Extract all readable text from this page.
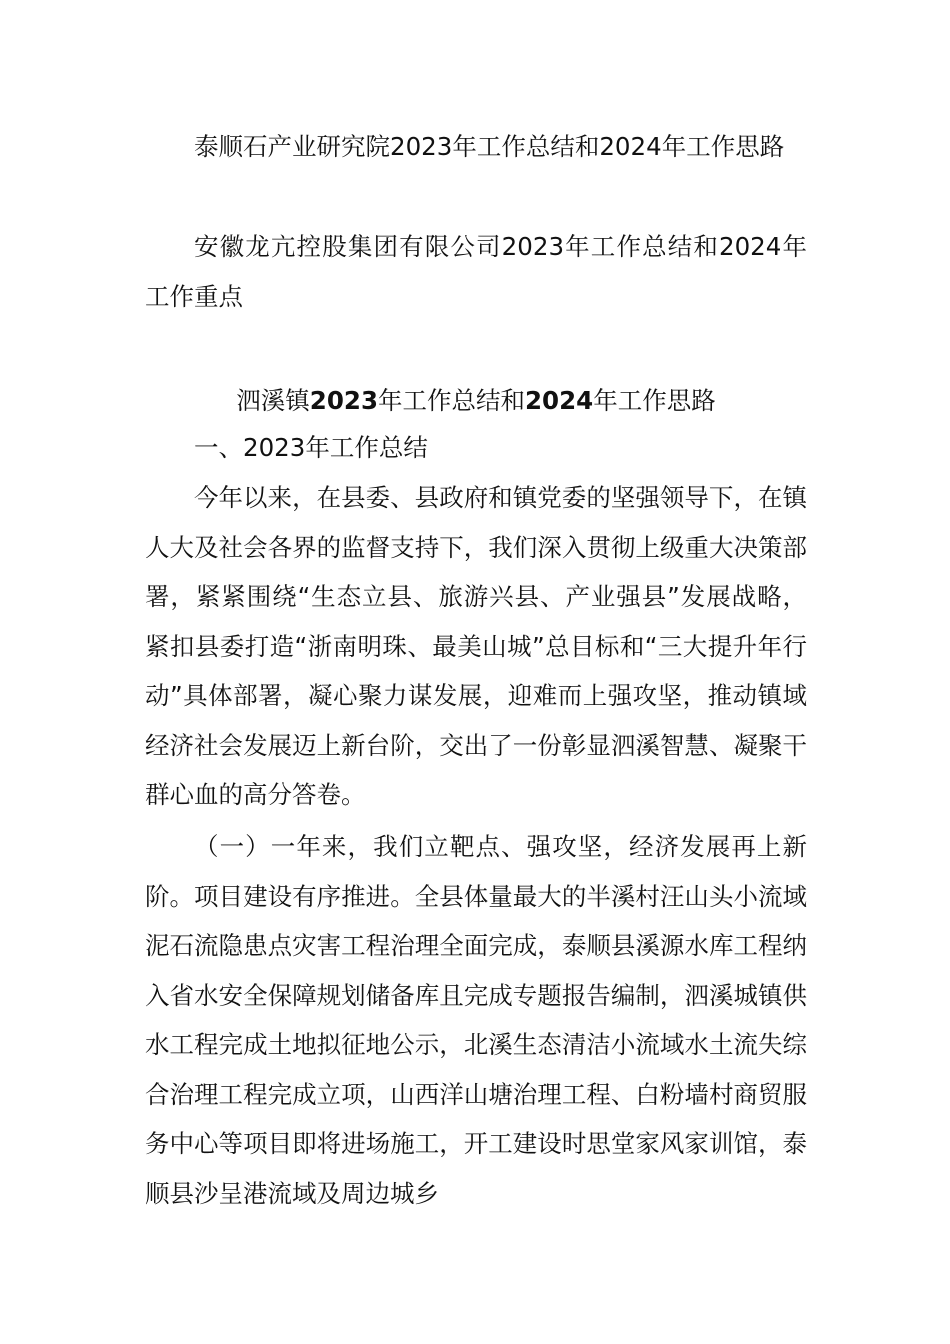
泰顺石产业研究院2023年工作总结和2024年工作思路

安徽龙亢控股集团有限公司2023年工作总结和2024年工作重点

泗溪镇2023年工作总结和2024年工作思路

一、2023年工作总结

今年以来，在县委、县政府和镇党委的坚强领导下，在镇人大及社会各界的监督支持下，我们深入贯彻上级重大决策部署，紧紧围绕“生态立县、旅游兴县、产业强县”发展战略，紧扣县委打造“浙南明珠、最美山城”总目标和“三大提升年行动”具体部署，凝心聚力谋发展，迎难而上强攻坚，推动镇域经济社会发展迈上新台阶，交出了一份彰显泗溪智慧、凝聚干群心血的高分答卷。

（一）一年来，我们立靶点、强攻坚，经济发展再上新阶。项目建设有序推进。全县体量最大的半溪村汪山头小流域泥石流隐患点灾害工程治理全面完成，泰顺县溪源水库工程纳入省水安全保障规划储备库且完成专题报告编制，泗溪城镇供水工程完成土地拟征地公示，北溪生态清洁小流域水土流失综合治理工程完成立项，山西洋山塘治理工程、白粉墙村商贸服务中心等项目即将进场施工，开工建设时思堂家风家训馆，泰顺县沙呈港流域及周边城乡
